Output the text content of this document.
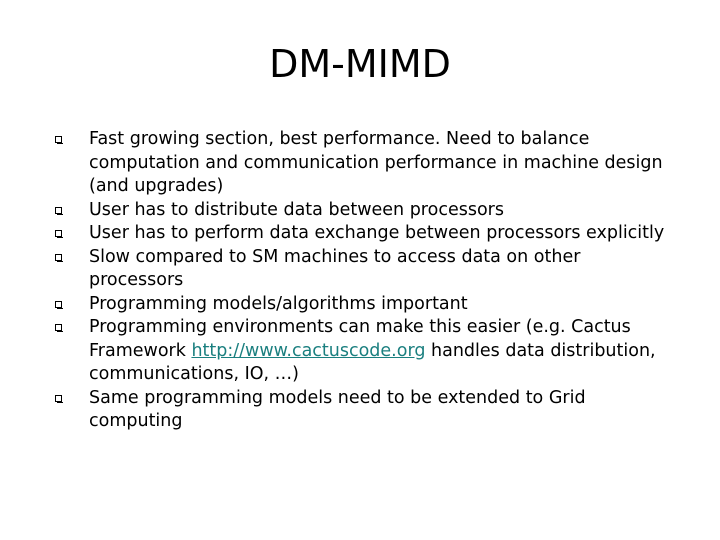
DM-MIMD
Fast growing section, best performance. Need to balance computation and communication performance in machine design (and upgrades)
User has to distribute data between processors
User has to perform data exchange between processors explicitly
Slow compared to SM machines to access data on other processors
Programming models/algorithms important
Programming environments can make this easier (e.g. Cactus Framework http://www.cactuscode.org handles data distribution, communications, IO, …)
Same programming models need to be extended to Grid computing
